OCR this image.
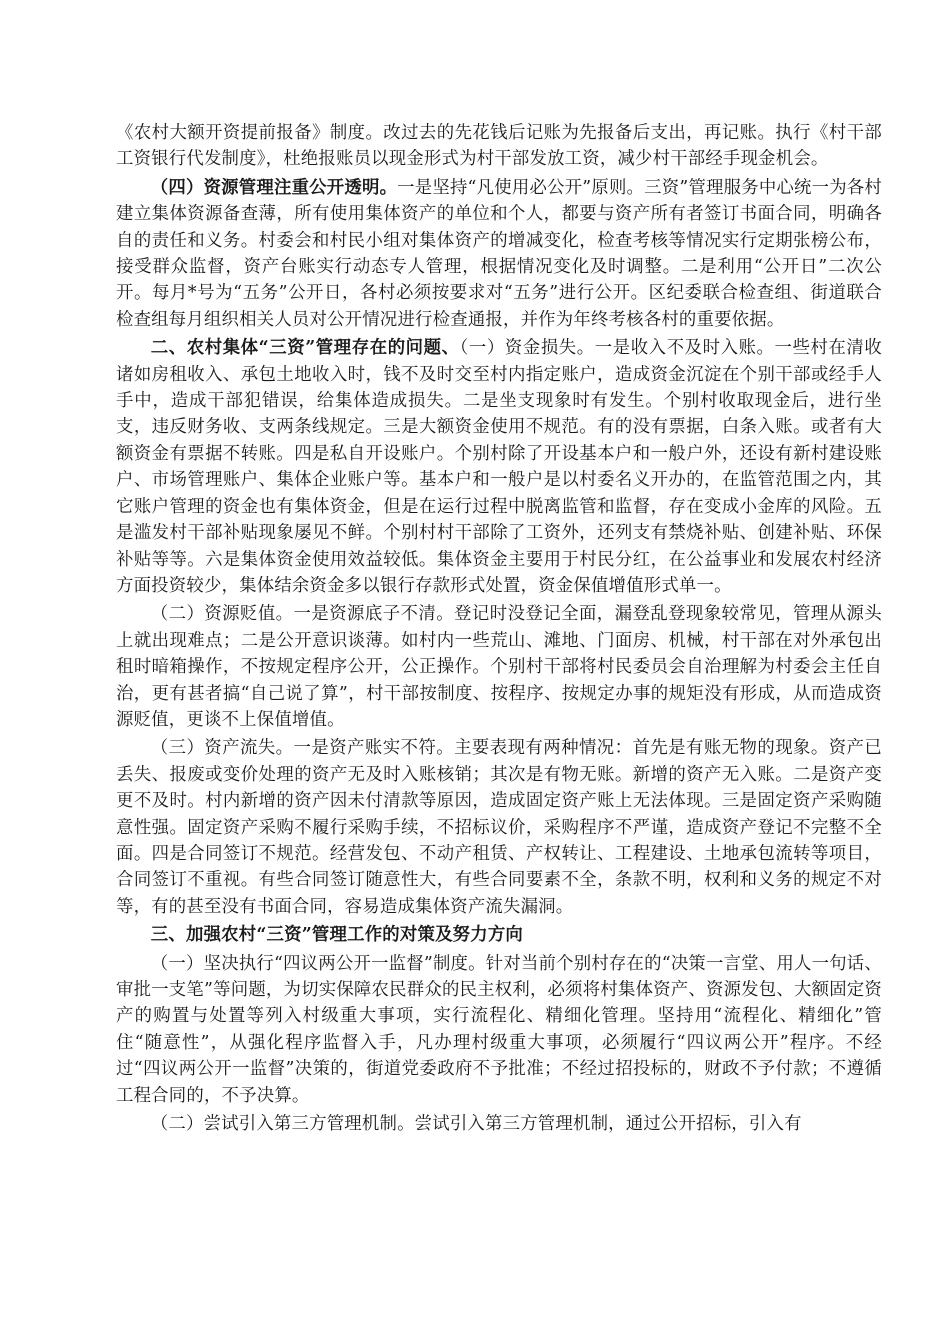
《农村大额开资提前报备》制度。改过去的先花钱后记账为先报备后支出，再记账。执行《村干部工资银行代发制度》，杜绝报账员以现金形式为村干部发放工资，减少村干部经手现金机会。

（四）资源管理注重公开透明。一是坚持“凡使用必公开”原则。三资”管理服务中心统一为各村建立集体资源备查薄，所有使用集体资产的单位和个人，都要与资产所有者签订书面合同，明确各自的责任和义务。村委会和村民小组对集体资产的增减变化，检查考核等情况实行定期张榜公布，接受群众监督，资产台账实行动态专人管理，根据情况变化及时调整。二是利用“公开日”二次公开。每月*号为“五务”公开日，各村必须按要求对“五务”进行公开。区纪委联合检查组、街道联合检查组每月组织相关人员对公开情况进行检查通报，并作为年终考核各村的重要依据。

二、农村集体“三资”管理存在的问题、（一）资金损失。一是收入不及时入账。一些村在清收诸如房租收入、承包土地收入时，钱不及时交至村内指定账户，造成资金沉淀在个别干部或经手人手中，造成干部犯错误，给集体造成损失。二是坐支现象时有发生。个别村收取现金后，进行坐支，违反财务收、支两条线规定。三是大额资金使用不规范。有的没有票据，白条入账。或者有大额资金有票据不转账。四是私自开设账户。个别村除了开设基本户和一般户外，还设有新村建设账户、市场管理账户、集体企业账户等。基本户和一般户是以村委名义开办的，在监管范围之内，其它账户管理的资金也有集体资金，但是在运行过程中脱离监管和监督，存在变成小金库的风险。五是滥发村干部补贴现象屡见不鲜。个别村村干部除了工资外，还列支有禁烧补贴、创建补贴、环保补贴等等。六是集体资金使用效益较低。集体资金主要用于村民分红，在公益事业和发展农村经济方面投资较少，集体结余资金多以银行存款形式处置，资金保值增值形式单一。

（二）资源贬值。一是资源底子不清。登记时没登记全面，漏登乱登现象较常见，管理从源头上就出现难点；二是公开意识谈薄。如村内一些荒山、滩地、门面房、机械，村干部在对外承包出租时暗箱操作，不按规定程序公开，公正操作。个别村干部将村民委员会自治理解为村委会主任自治，更有甚者搞“自己说了算”，村干部按制度、按程序、按规定办事的规矩没有形成，从而造成资源贬值，更谈不上保值增值。

（三）资产流失。一是资产账实不符。主要表现有两种情况：首先是有账无物的现象。资产已丢失、报废或变价处理的资产无及时入账核销；其次是有物无账。新增的资产无入账。二是资产变更不及时。村内新增的资产因未付清款等原因，造成固定资产账上无法体现。三是固定资产采购随意性强。固定资产采购不履行采购手续，不招标议价，采购程序不严谨，造成资产登记不完整不全面。四是合同签订不规范。经营发包、不动产租赁、产权转让、工程建设、土地承包流转等项目，合同签订不重视。有些合同签订随意性大，有些合同要素不全，条款不明，权利和义务的规定不对等，有的甚至没有书面合同，容易造成集体资产流失漏洞。

三、加强农村“三资”管理工作的对策及努力方向

（一）坚决执行“四议两公开一监督”制度。针对当前个别村存在的“决策一言堂、用人一句话、审批一支笔”等问题，为切实保障农民群众的民主权利，必须将村集体资产、资源发包、大额固定资产的购置与处置等列入村级重大事项，实行流程化、精细化管理。坚持用“流程化、精细化”管住“随意性”，从强化程序监督入手，凡办理村级重大事项，必须履行“四议两公开”程序。不经过“四议两公开一监督”决策的，街道党委政府不予批准；不经过招投标的，财政不予付款；不遵循工程合同的，不予决算。

（二）尝试引入第三方管理机制。尝试引入第三方管理机制，通过公开招标，引入有
